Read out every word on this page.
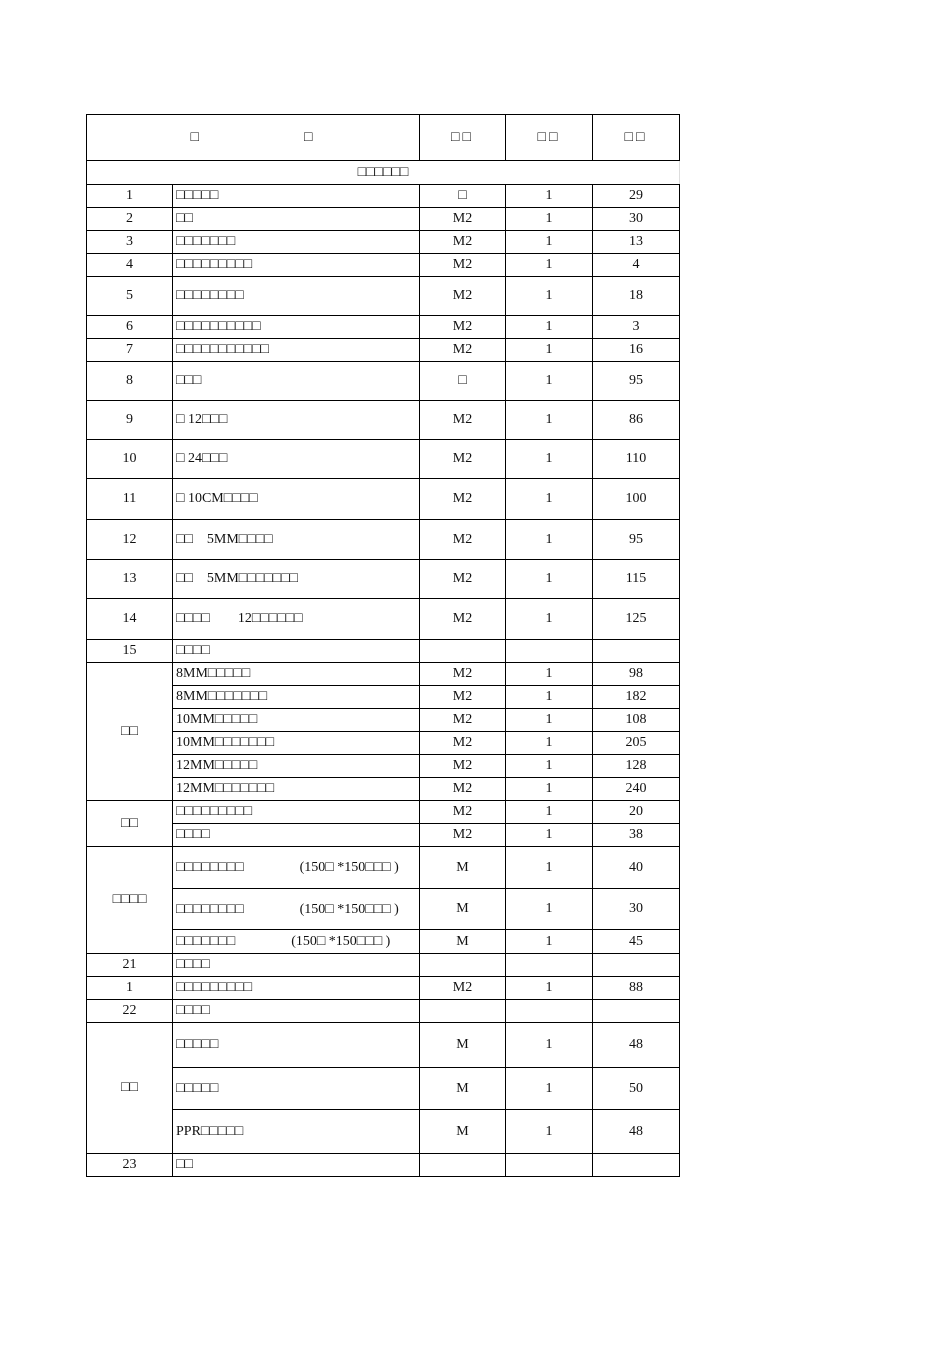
□　　　　　　□		□□	□□	□□
□□□□□□				
1	□□□□□	□	1	29
2	□□	M2	1	30
3	□□□□□□□	M2	1	13
4	□□□□□□□□□	M2	1	4
5	□□□□□□□□	M2	1	18
6	□□□□□□□□□□	M2	1	3
7	□□□□□□□□□□□	M2	1	16
8	□□□	□	1	95
9	□ 12□□□	M2	1	86
10	□ 24□□□	M2	1	110
11	□ 10CM□□□□	M2	1	100
12	□□　5MM□□□□	M2	1	95
13	□□　5MM□□□□□□□	M2	1	115
14	□□□□　　12□□□□□□	M2	1	125
15	□□□□			
□□	8MM□□□□□	M2	1	98
	8MM□□□□□□□	M2	1	182
	10MM□□□□□	M2	1	108
	10MM□□□□□□□	M2	1	205
	12MM□□□□□	M2	1	128
	12MM□□□□□□□	M2	1	240
□□	□□□□□□□□□	M2	1	20
	□□□□	M2	1	38
□□□□	□□□□□□□□　　　　(150□ *150□□□ )	M	1	40
	□□□□□□□□　　　　(150□ *150□□□ )	M	1	30
	□□□□□□□　　　　(150□ *150□□□ )	M	1	45
21	□□□□			
1	□□□□□□□□□	M2	1	88
22	□□□□			
□□	□□□□□	M	1	48
	□□□□□	M	1	50
	PPR□□□□□	M	1	48
23	□□			
